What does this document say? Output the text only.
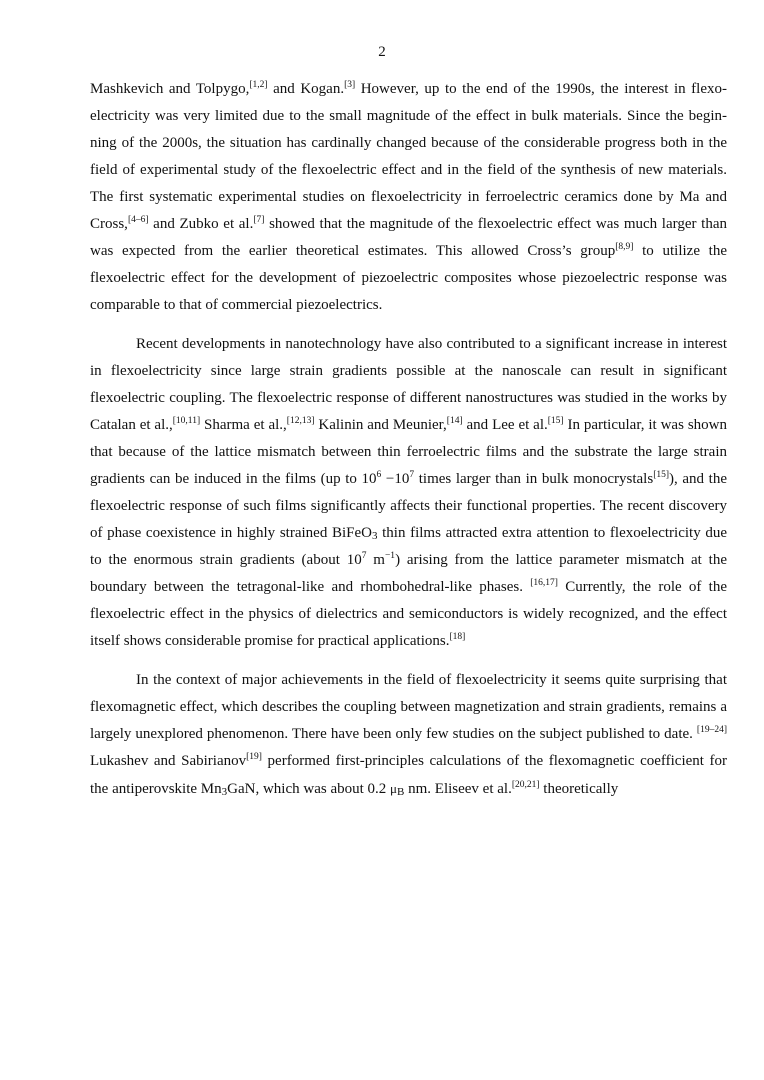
2

Mashkevich and Tolpygo,[1,2] and Kogan.[3] However, up to the end of the 1990s, the interest in flexoelectricity was very limited due to the small magnitude of the effect in bulk materials. Since the beginning of the 2000s, the situation has cardinally changed because of the considerable progress both in the field of experimental study of the flexoelectric effect and in the field of the synthesis of new materials. The first systematic experimental studies on flexoelectricity in ferroelectric ceramics done by Ma and Cross,[4–6] and Zubko et al.[7] showed that the magnitude of the flexoelectric effect was much larger than was expected from the earlier theoretical estimates. This allowed Cross’s group[8,9] to utilize the flexoelectric effect for the development of piezoelectric composites whose piezoelectric response was comparable to that of commercial piezoelectrics.

Recent developments in nanotechnology have also contributed to a significant increase in interest in flexoelectricity since large strain gradients possible at the nanoscale can result in significant flexoelectric coupling. The flexoelectric response of different nanostructures was studied in the works by Catalan et al.,[10,11] Sharma et al.,[12,13] Kalinin and Meunier,[14] and Lee et al.[15] In particular, it was shown that because of the lattice mismatch between thin ferroelectric films and the substrate the large strain gradients can be induced in the films (up to $10^6 -10^7$ times larger than in bulk monocrystals[15]), and the flexoelectric response of such films significantly affects their functional properties. The recent discovery of phase coexistence in highly strained BiFeO$_3$ thin films attracted extra attention to flexoelectricity due to the enormous strain gradients (about $10^7$ $m^{-1}$) arising from the lattice parameter mismatch at the boundary between the tetragonal-like and rhombohedral-like phases. [16,17] Currently, the role of the flexoelectric effect in the physics of dielectrics and semiconductors is widely recognized, and the effect itself shows considerable promise for practical applications.[18]

In the context of major achievements in the field of flexoelectricity it seems quite surprising that flexomagnetic effect, which describes the coupling between magnetization and strain gradients, remains a largely unexplored phenomenon. There have been only few studies on the subject published to date. [19–24] Lukashev and Sabirianov[19] performed first-principles calculations of the flexomagnetic coefficient for the antiperovskite $Mn_3GaN$, which was about 0.2 $\mu_B$ nm. Eliseev et al.[20,21] theoretically
